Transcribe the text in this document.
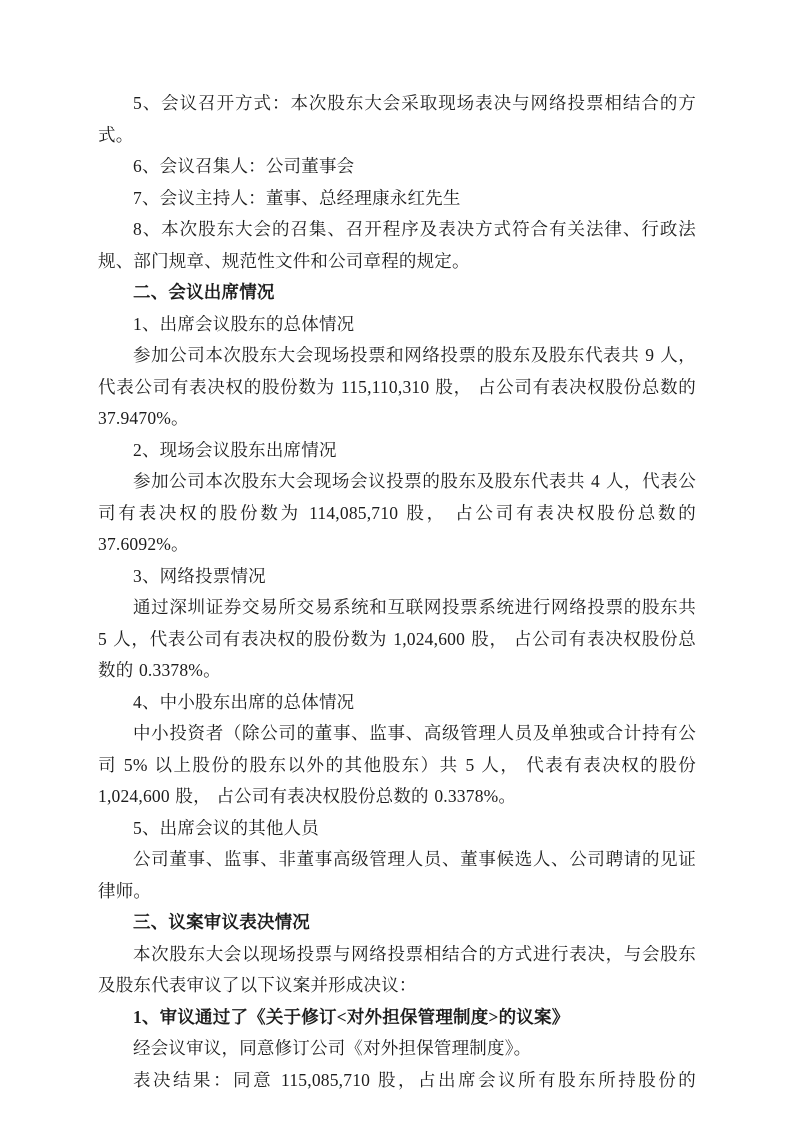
5、会议召开方式：本次股东大会采取现场表决与网络投票相结合的方式。

6、会议召集人：公司董事会

7、会议主持人：董事、总经理康永红先生

8、本次股东大会的召集、召开程序及表决方式符合有关法律、行政法规、部门规章、规范性文件和公司章程的规定。

二、会议出席情况

1、出席会议股东的总体情况

参加公司本次股东大会现场投票和网络投票的股东及股东代表共 9 人，代表公司有表决权的股份数为 115,110,310 股， 占公司有表决权股份总数的 37.9470%。

2、现场会议股东出席情况

参加公司本次股东大会现场会议投票的股东及股东代表共 4 人，代表公司有表决权的股份数为 114,085,710 股， 占公司有表决权股份总数的 37.6092%。

3、网络投票情况

通过深圳证券交易所交易系统和互联网投票系统进行网络投票的股东共 5 人，代表公司有表决权的股份数为 1,024,600 股， 占公司有表决权股份总数的 0.3378%。

4、中小股东出席的总体情况

中小投资者（除公司的董事、监事、高级管理人员及单独或合计持有公司 5% 以上股份的股东以外的其他股东）共 5 人， 代表有表决权的股份 1,024,600 股， 占公司有表决权股份总数的 0.3378%。

5、出席会议的其他人员

公司董事、监事、非董事高级管理人员、董事候选人、公司聘请的见证律师。

三、议案审议表决情况

本次股东大会以现场投票与网络投票相结合的方式进行表决，与会股东及股东代表审议了以下议案并形成决议：

1、审议通过了《关于修订<对外担保管理制度>的议案》

经会议审议，同意修订公司《对外担保管理制度》。

表决结果：同意 115,085,710 股，占出席会议所有股东所持股份的
